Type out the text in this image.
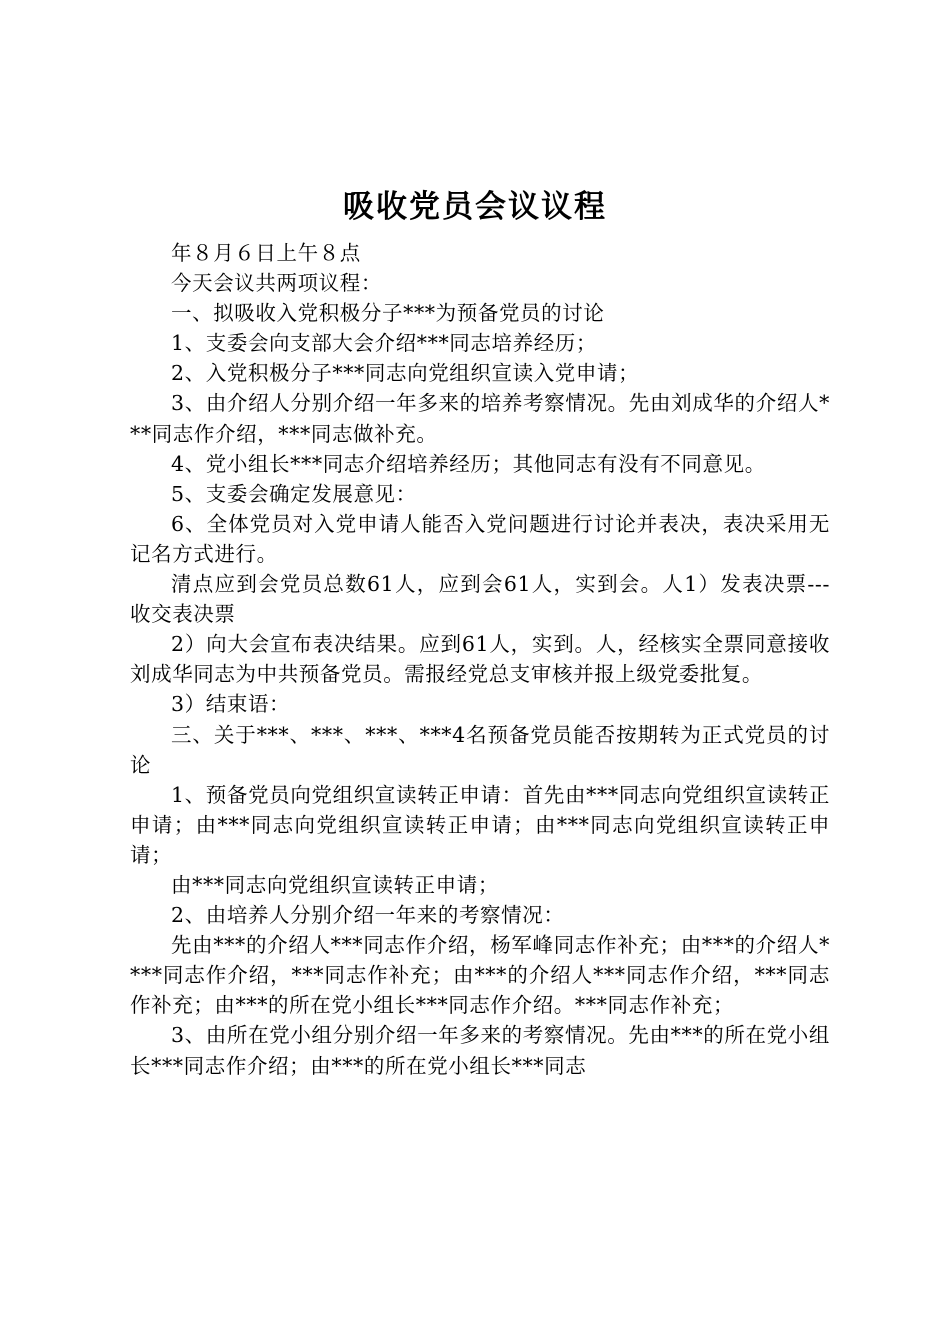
吸收党员会议议程

年８月６日上午８点

今天会议共两项议程：

一、拟吸收入党积极分子***为预备党员的讨论

1、支委会向支部大会介绍***同志培养经历；

2、入党积极分子***同志向党组织宣读入党申请；

3、由介绍人分别介绍一年多来的培养考察情况。先由刘成华的介绍人***同志作介绍，***同志做补充。

4、党小组长***同志介绍培养经历；其他同志有没有不同意见。

5、支委会确定发展意见：

6、全体党员对入党申请人能否入党问题进行讨论并表决，表决采用无记名方式进行。

清点应到会党员总数61人，应到会61人，实到会。人1）发表决票---收交表决票

2）向大会宣布表决结果。应到61人，实到。人，经核实全票同意接收刘成华同志为中共预备党员。需报经党总支审核并报上级党委批复。

3）结束语：

三、关于***、***、***、***4名预备党员能否按期转为正式党员的讨论

1、预备党员向党组织宣读转正申请：首先由***同志向党组织宣读转正申请；由***同志向党组织宣读转正申请；由***同志向党组织宣读转正申请；

由***同志向党组织宣读转正申请；

2、由培养人分别介绍一年来的考察情况：

先由***的介绍人***同志作介绍，杨军峰同志作补充；由***的介绍人****同志作介绍，***同志作补充；由***的介绍人***同志作介绍，***同志作补充；由***的所在党小组长***同志作介绍。***同志作补充；

3、由所在党小组分别介绍一年多来的考察情况。先由***的所在党小组长***同志作介绍；由***的所在党小组长***同志
